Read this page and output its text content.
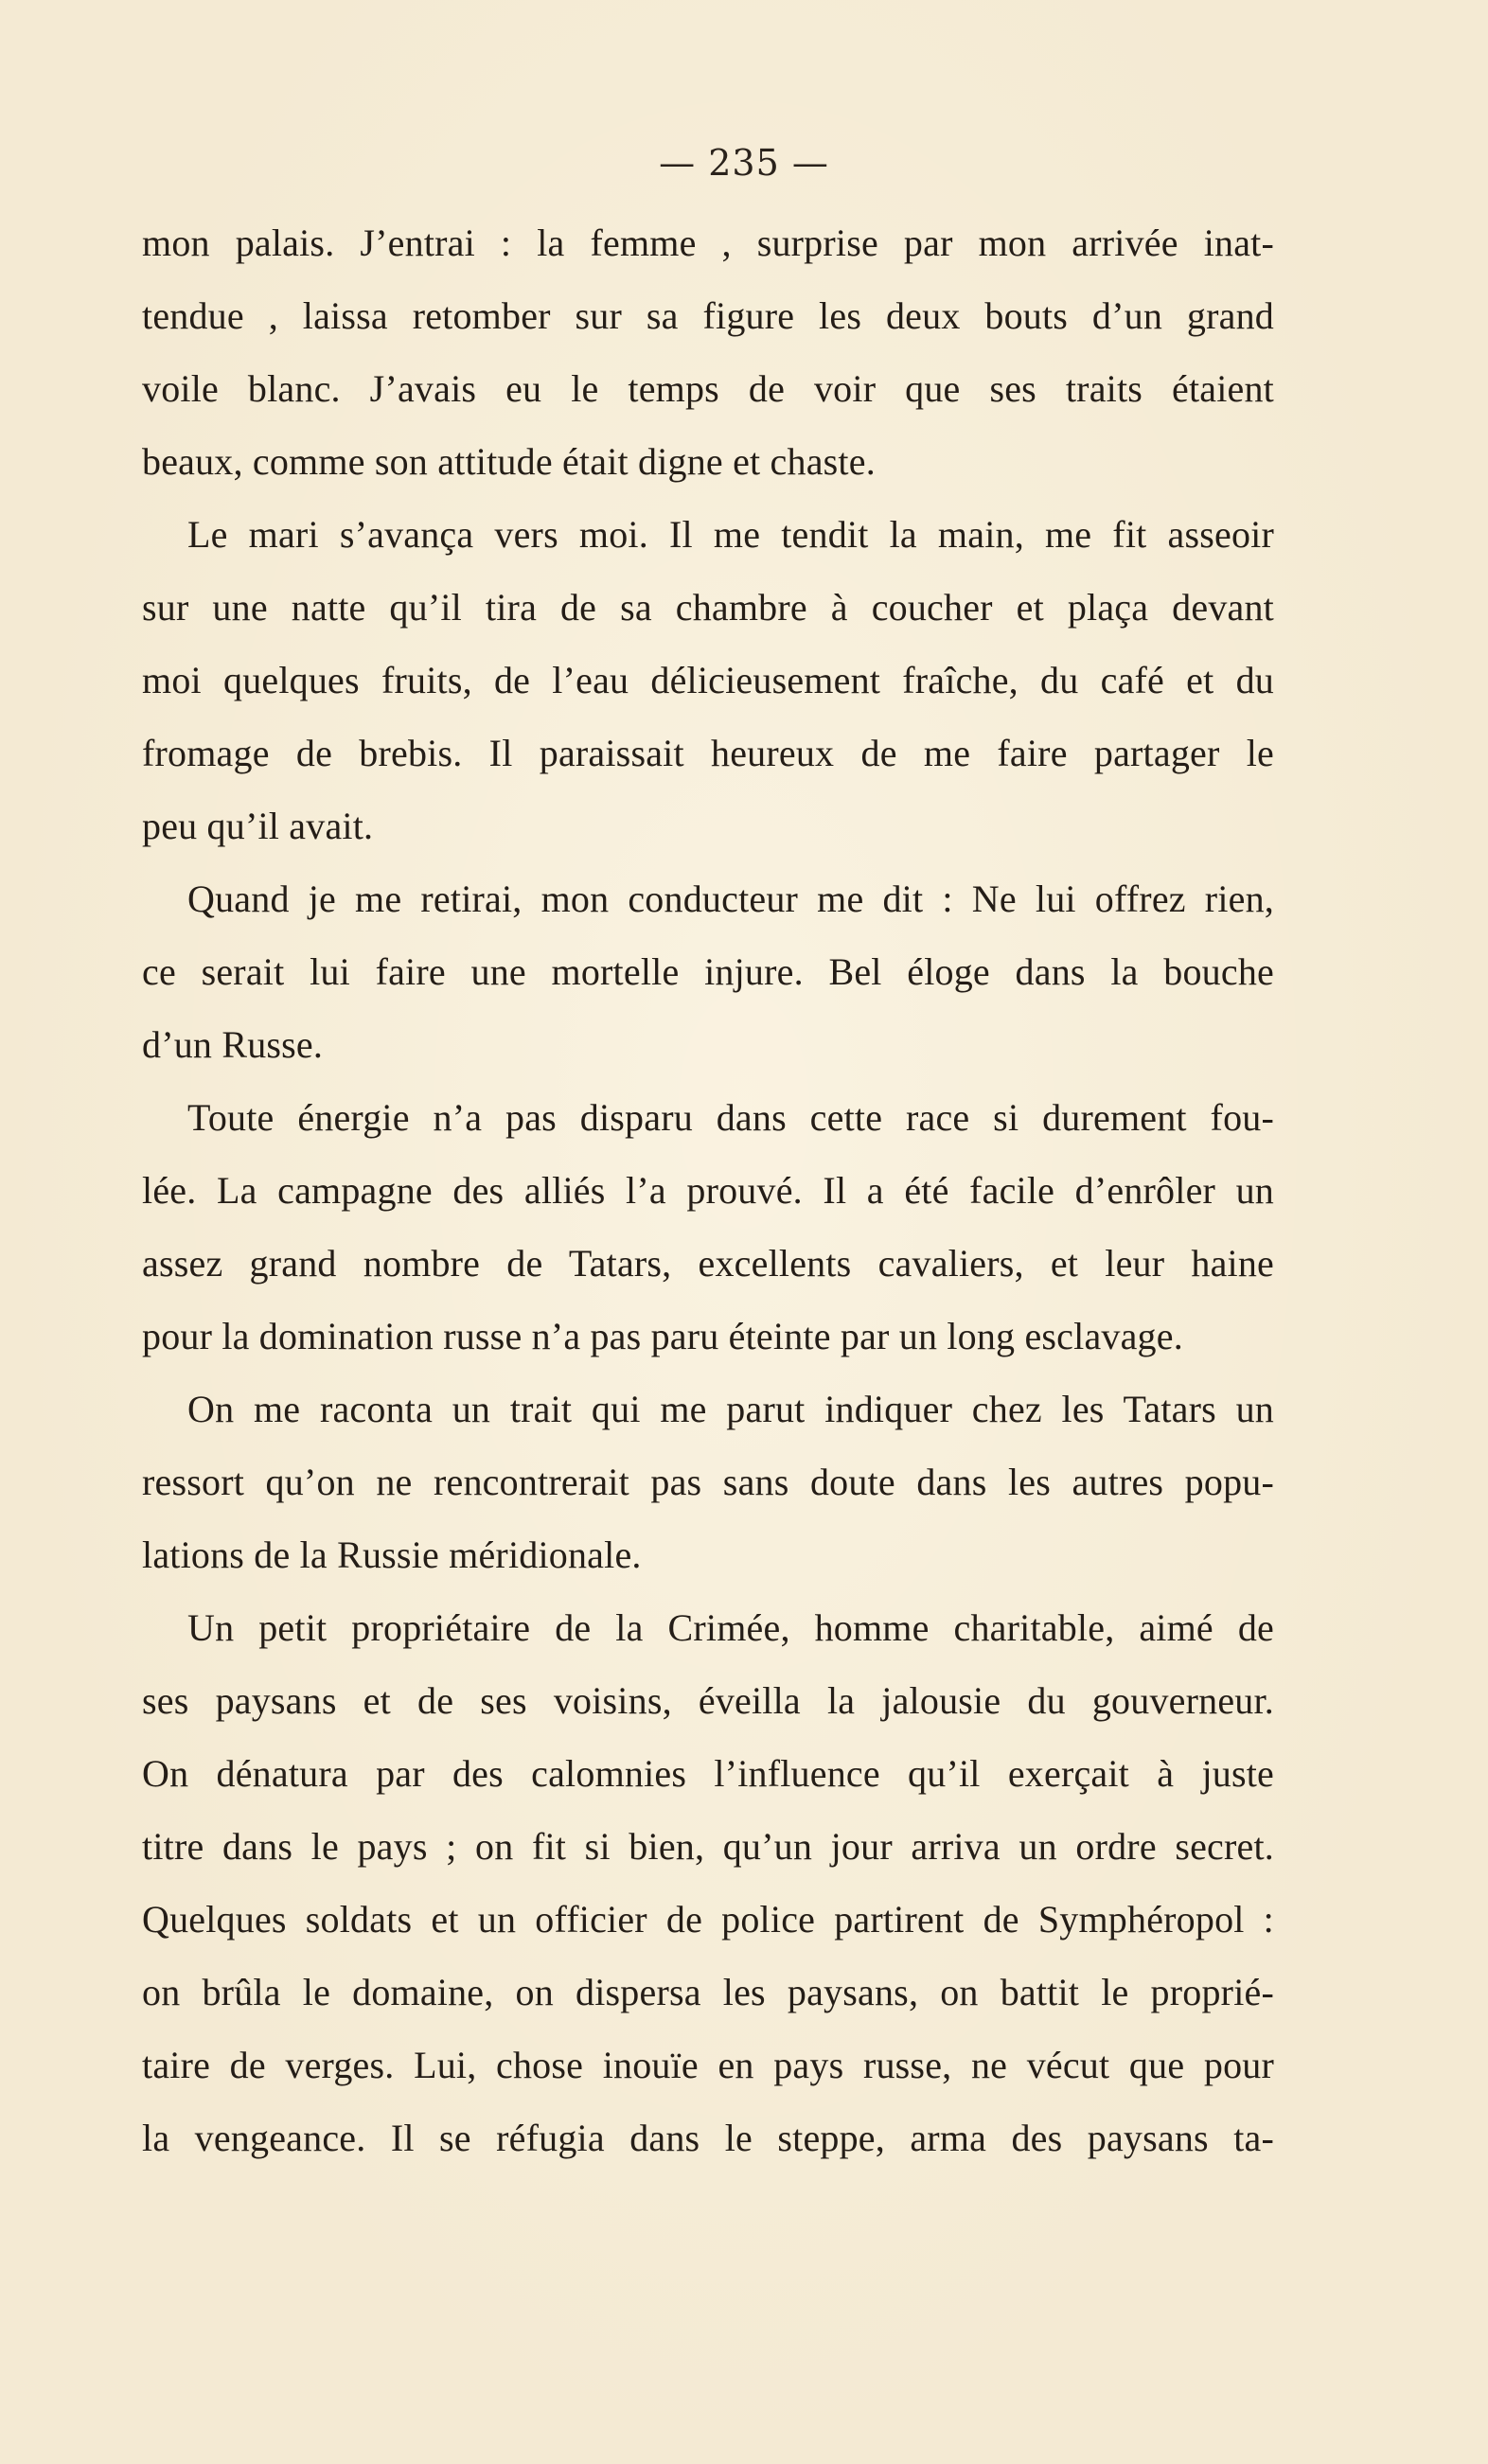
— 235 —
mon palais. J’entrai : la femme , surprise par mon arrivée inat-
tendue , laissa retomber sur sa figure les deux bouts d’un grand
voile blanc. J’avais eu le temps de voir que ses traits étaient
beaux, comme son attitude était digne et chaste.
Le mari s’avança vers moi. Il me tendit la main, me fit asseoir
sur une natte qu’il tira de sa chambre à coucher et plaça devant
moi quelques fruits, de l’eau délicieusement fraîche, du café et du
fromage de brebis. Il paraissait heureux de me faire partager le
peu qu’il avait.
Quand je me retirai, mon conducteur me dit : Ne lui offrez rien,
ce serait lui faire une mortelle injure. Bel éloge dans la bouche
d’un Russe.
Toute énergie n’a pas disparu dans cette race si durement fou-
lée. La campagne des alliés l’a prouvé. Il a été facile d’enrôler un
assez grand nombre de Tatars, excellents cavaliers, et leur haine
pour la domination russe n’a pas paru éteinte par un long esclavage.
On me raconta un trait qui me parut indiquer chez les Tatars un
ressort qu’on ne rencontrerait pas sans doute dans les autres popu-
lations de la Russie méridionale.
Un petit propriétaire de la Crimée, homme charitable, aimé de
ses paysans et de ses voisins, éveilla la jalousie du gouverneur.
On dénatura par des calomnies l’influence qu’il exerçait à juste
titre dans le pays ; on fit si bien, qu’un jour arriva un ordre secret.
Quelques soldats et un officier de police partirent de Symphéropol :
on brûla le domaine, on dispersa les paysans, on battit le proprié-
taire de verges. Lui, chose inouïe en pays russe, ne vécut que pour
la vengeance. Il se réfugia dans le steppe, arma des paysans ta-
